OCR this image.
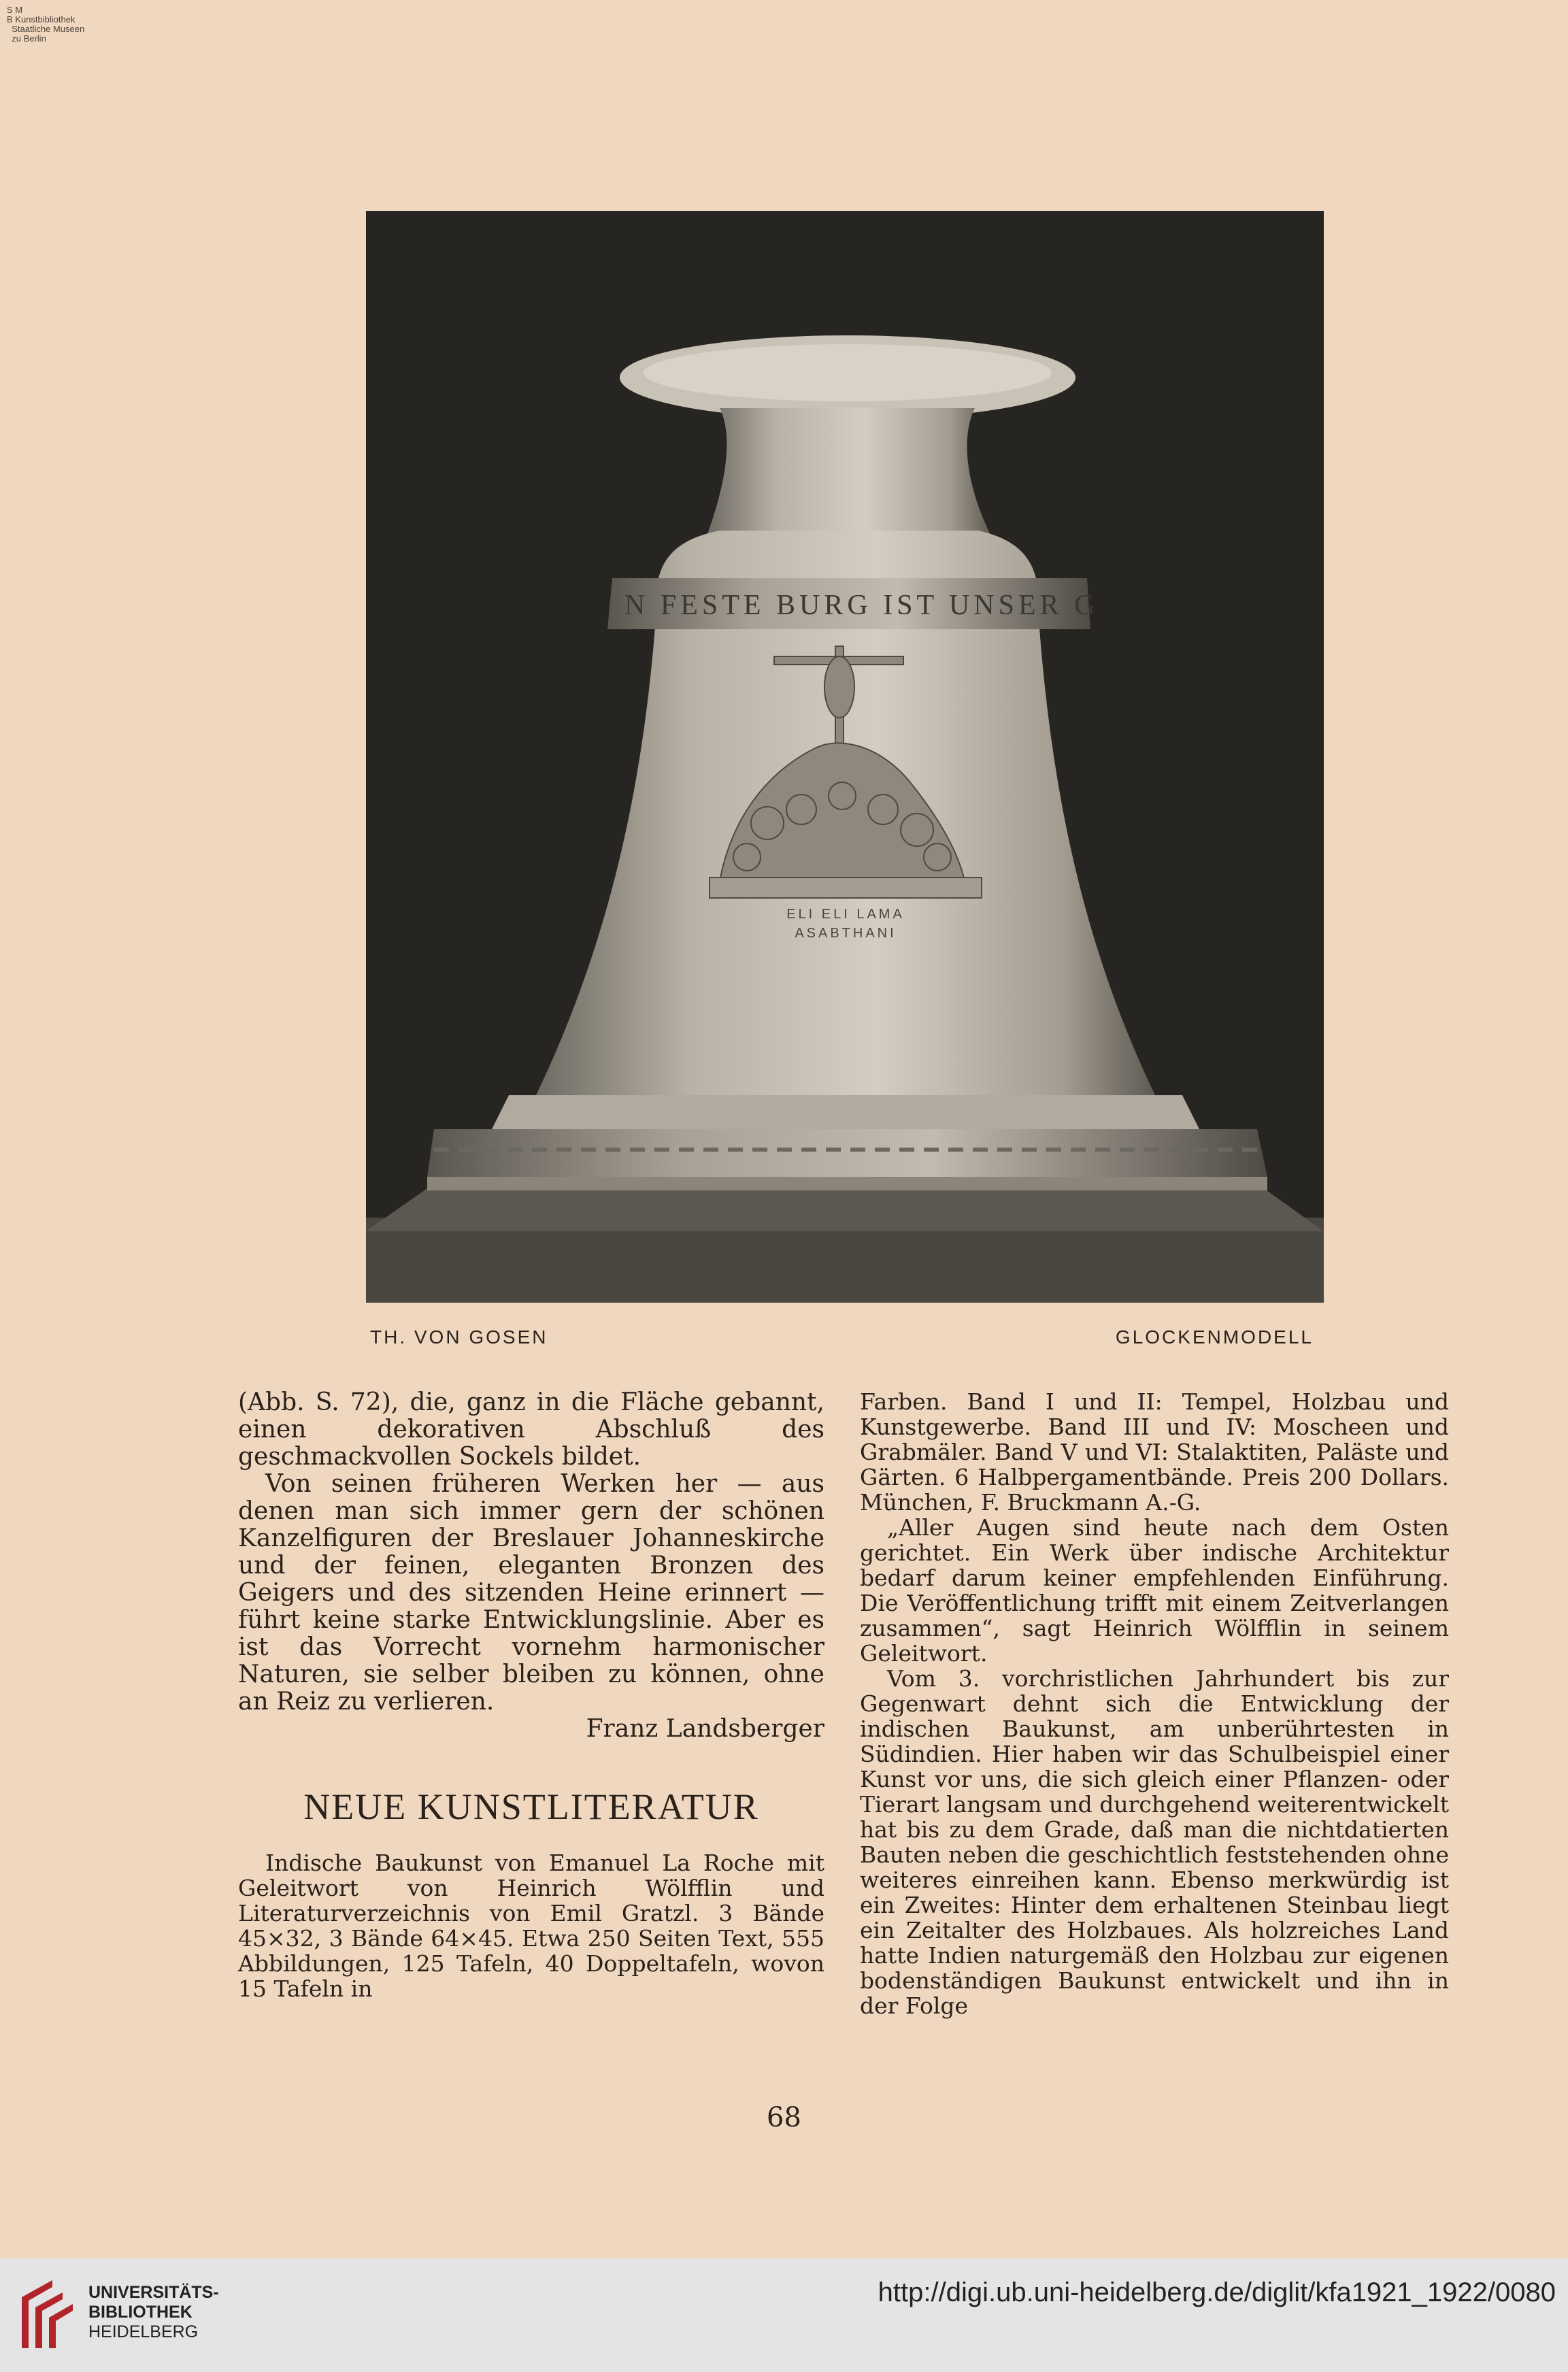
S M
B Kunstbibliothek
Staatliche Museen
zu Berlin
N FESTE BURG IST UNSER G
ELI ELI LAMA
ASABTHANI
TH. VON GOSEN	GLOCKENMODELL

(Abb. S. 72), die, ganz in die Fläche gebannt, einen dekorativen Abschluß des geschmackvollen Sockels bildet.

Von seinen früheren Werken her — aus denen man sich immer gern der schönen Kanzelfiguren der Breslauer Johanneskirche und der feinen, eleganten Bronzen des Geigers und des sitzenden Heine erinnert — führt keine starke Entwicklungslinie. Aber es ist das Vorrecht vornehm harmonischer Naturen, sie selber bleiben zu können, ohne an Reiz zu verlieren.

Franz Landsberger

NEUE KUNSTLITERATUR

Indische Baukunst von Emanuel La Roche mit Geleitwort von Heinrich Wölfflin und Literaturverzeichnis von Emil Gratzl. 3 Bände 45×32, 3 Bände 64×45. Etwa 250 Seiten Text, 555 Abbildungen, 125 Tafeln, 40 Doppeltafeln, wovon 15 Tafeln in

Farben. Band I und II: Tempel, Holzbau und Kunstgewerbe. Band III und IV: Moscheen und Grabmäler. Band V und VI: Stalaktiten, Paläste und Gärten. 6 Halbpergamentbände. Preis 200 Dollars. München, F. Bruckmann A.-G.

„Aller Augen sind heute nach dem Osten gerichtet. Ein Werk über indische Architektur bedarf darum keiner empfehlenden Einführung. Die Veröffentlichung trifft mit einem Zeitverlangen zusammen“, sagt Heinrich Wölfflin in seinem Geleitwort.

Vom 3. vorchristlichen Jahrhundert bis zur Gegenwart dehnt sich die Entwicklung der indischen Baukunst, am unberührtesten in Südindien. Hier haben wir das Schulbeispiel einer Kunst vor uns, die sich gleich einer Pflanzen- oder Tierart langsam und durchgehend weiterentwickelt hat bis zu dem Grade, daß man die nichtdatierten Bauten neben die geschichtlich feststehenden ohne weiteres einreihen kann. Ebenso merkwürdig ist ein Zweites: Hinter dem erhaltenen Steinbau liegt ein Zeitalter des Holzbaues. Als holzreiches Land hatte Indien naturgemäß den Holzbau zur eigenen bodenständigen Baukunst entwickelt und ihn in der Folge

68
UNIVERSITÄTS-
BIBLIOTHEK
HEIDELBERG
http://digi.ub.uni-heidelberg.de/diglit/kfa1921_1922/0080
